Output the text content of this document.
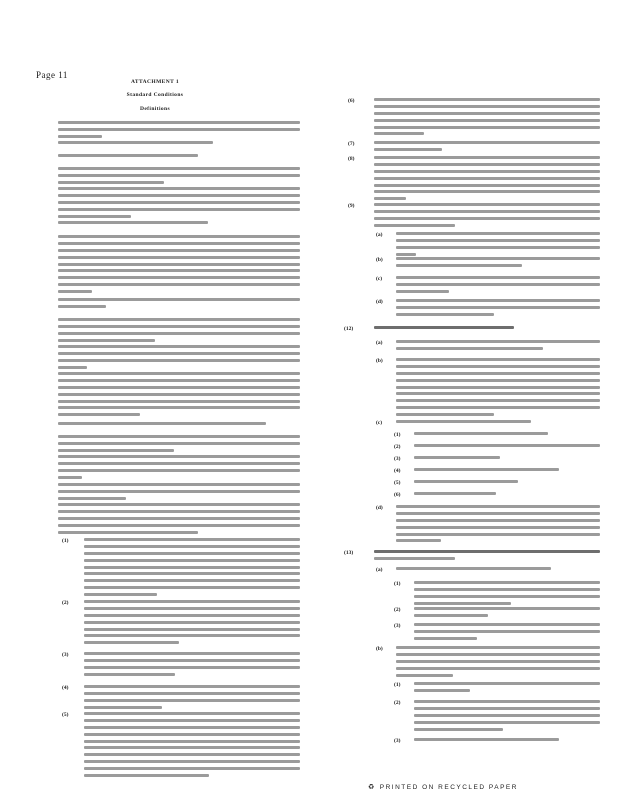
Page 11
ATTACHMENT 1
Standard Conditions
Definitions
(1)
(2)
(3)
(4)
(5)
(6)
(7)
(8)
(9)
(a)
(b)
(c)
(d)
(12)
(a)
(b)
(c)
(1)
(2)
(3)
(4)
(5)
(6)
(d)
(13)
(a)
(1)
(2)
(3)
(b)
(1)
(2)
(3)
♻ PRINTED ON RECYCLED PAPER
